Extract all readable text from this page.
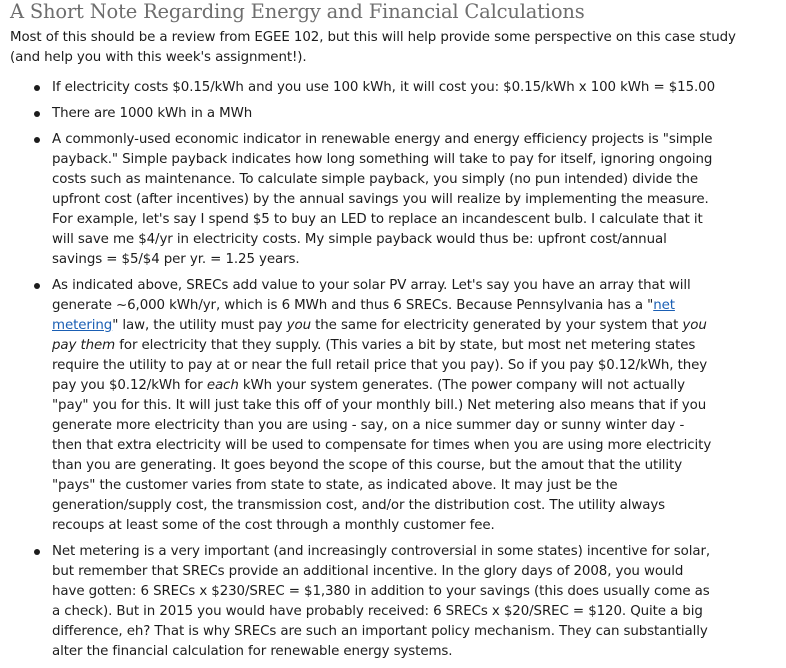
A Short Note Regarding Energy and Financial Calculations

Most of this should be a review from EGEE 102, but this will help provide some perspective on this case study (and help you with this week's assignment!).

If electricity costs $0.15/kWh and you use 100 kWh, it will cost you: $0.15/kWh x 100 kWh = $15.00
There are 1000 kWh in a MWh
A commonly-used economic indicator in renewable energy and energy efficiency projects is "simple payback." Simple payback indicates how long something will take to pay for itself, ignoring ongoing costs such as maintenance. To calculate simple payback, you simply (no pun intended) divide the upfront cost (after incentives) by the annual savings you will realize by implementing the measure. For example, let's say I spend $5 to buy an LED to replace an incandescent bulb. I calculate that it will save me $4/yr in electricity costs. My simple payback would thus be: upfront cost/annual savings = $5/$4 per yr. = 1.25 years.
As indicated above, SRECs add value to your solar PV array. Let's say you have an array that will generate ~6,000 kWh/yr, which is 6 MWh and thus 6 SRECs. Because Pennsylvania has a "net metering" law, the utility must pay you the same for electricity generated by your system that you pay them for electricity that they supply. (This varies a bit by state, but most net metering states require the utility to pay at or near the full retail price that you pay). So if you pay $0.12/kWh, they pay you $0.12/kWh for each kWh your system generates. (The power company will not actually "pay" you for this. It will just take this off of your monthly bill.) Net metering also means that if you generate more electricity than you are using - say, on a nice summer day or sunny winter day - then that extra electricity will be used to compensate for times when you are using more electricity than you are generating. It goes beyond the scope of this course, but the amout that the utility "pays" the customer varies from state to state, as indicated above. It may just be the generation/supply cost, the transmission cost, and/or the distribution cost. The utility always recoups at least some of the cost through a monthly customer fee.
Net metering is a very important (and increasingly controversial in some states) incentive for solar, but remember that SRECs provide an additional incentive. In the glory days of 2008, you would have gotten: 6 SRECs x $230/SREC = $1,380 in addition to your savings (this does usually come as a check). But in 2015 you would have probably received: 6 SRECs x $20/SREC = $120. Quite a big difference, eh? That is why SRECs are such an important policy mechanism. They can substantially alter the financial calculation for renewable energy systems.
